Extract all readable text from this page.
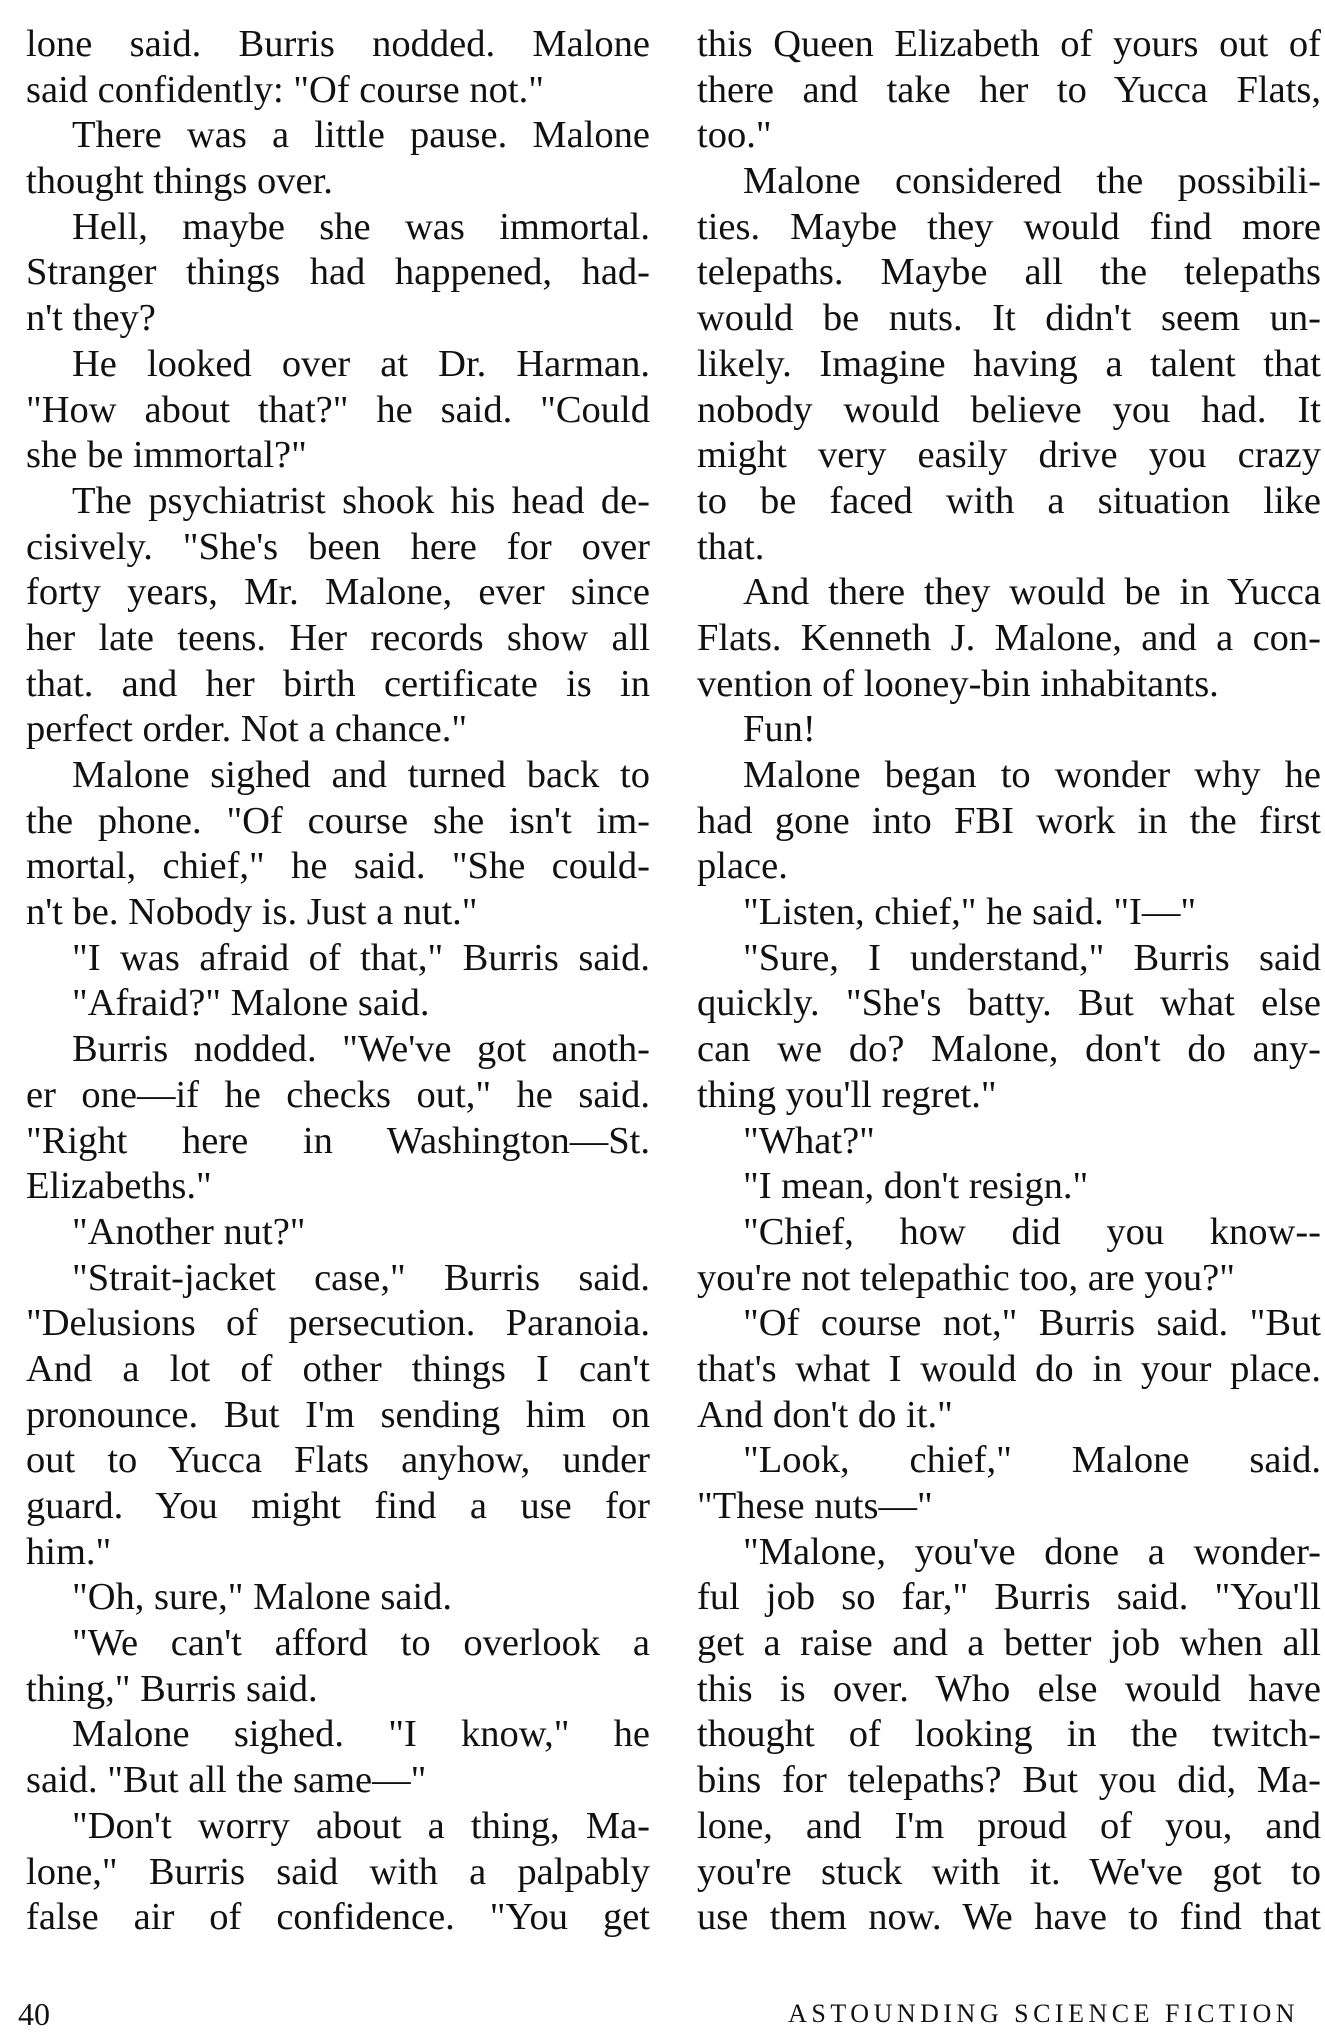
lone said. Burris nodded. Malone
said confidently: "Of course not."
There was a little pause. Malone
thought things over.
Hell, maybe she was immortal.
Stranger things had happened, had-
n't they?
He looked over at Dr. Harman.
"How about that?" he said. "Could
she be immortal?"
The psychiatrist shook his head de-
cisively. "She's been here for over
forty years, Mr. Malone, ever since
her late teens. Her records show all
that. and her birth certificate is in
perfect order. Not a chance."
Malone sighed and turned back to
the phone. "Of course she isn't im-
mortal, chief," he said. "She could-
n't be. Nobody is. Just a nut."
"I was afraid of that," Burris said.
"Afraid?" Malone said.
Burris nodded. "We've got anoth-
er one—if he checks out," he said.
"Right here in Washington—St.
Elizabeths."
"Another nut?"
"Strait-jacket case," Burris said.
"Delusions of persecution. Paranoia.
And a lot of other things I can't
pronounce. But I'm sending him on
out to Yucca Flats anyhow, under
guard. You might find a use for
him."
"Oh, sure," Malone said.
"We can't afford to overlook a
thing," Burris said.
Malone sighed. "I know," he
said. "But all the same—"
"Don't worry about a thing, Ma-
lone," Burris said with a palpably
false air of confidence. "You get
this Queen Elizabeth of yours out of
there and take her to Yucca Flats,
too."
Malone considered the possibili-
ties. Maybe they would find more
telepaths. Maybe all the telepaths
would be nuts. It didn't seem un-
likely. Imagine having a talent that
nobody would believe you had. It
might very easily drive you crazy
to be faced with a situation like
that.
And there they would be in Yucca
Flats. Kenneth J. Malone, and a con-
vention of looney-bin inhabitants.
Fun!
Malone began to wonder why he
had gone into FBI work in the first
place.
"Listen, chief," he said. "I—"
"Sure, I understand," Burris said
quickly. "She's batty. But what else
can we do? Malone, don't do any-
thing you'll regret."
"What?"
"I mean, don't resign."
"Chief, how did you know--
you're not telepathic too, are you?"
"Of course not," Burris said. "But
that's what I would do in your place.
And don't do it."
"Look, chief," Malone said.
"These nuts—"
"Malone, you've done a wonder-
ful job so far," Burris said. "You'll
get a raise and a better job when all
this is over. Who else would have
thought of looking in the twitch-
bins for telepaths? But you did, Ma-
lone, and I'm proud of you, and
you're stuck with it. We've got to
use them now. We have to find that
40	ASTOUNDING SCIENCE FICTION
